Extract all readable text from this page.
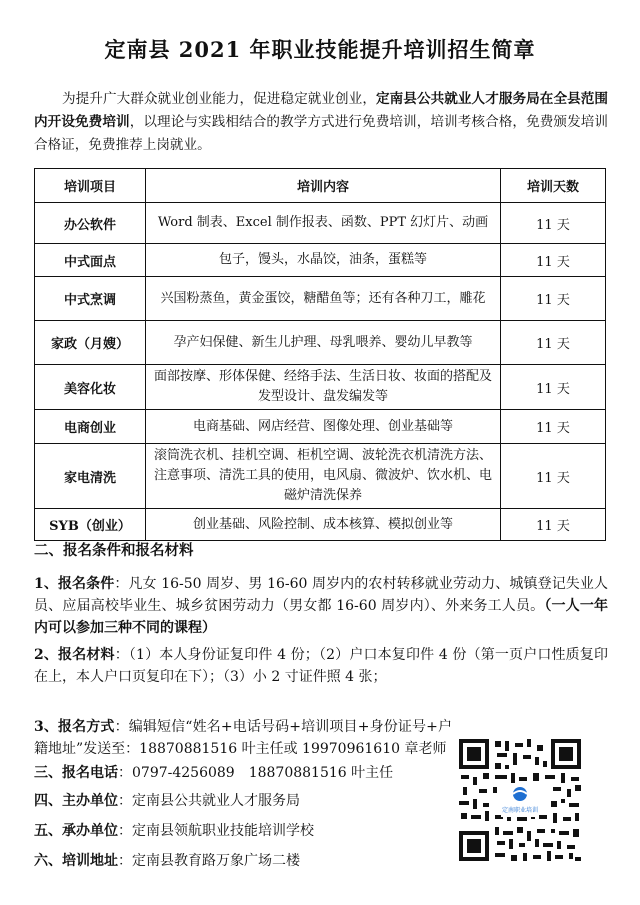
定南县 2021 年职业技能提升培训招生简章
为提升广大群众就业创业能力，促进稳定就业创业，定南县公共就业人才服务局在全县范围内开设免费培训，以理论与实践相结合的教学方式进行免费培训，培训考核合格，免费颁发培训合格证，免费推荐上岗就业。
培训项目	培训内容	培训天数
办公软件	Word 制表、Excel 制作报表、函数、PPT 幻灯片、动画	11 天
中式面点	包子，馒头，水晶饺，油条，蛋糕等	11 天
中式烹调	兴国粉蒸鱼，黄金蛋饺，糖醋鱼等；还有各种刀工，雕花	11 天
家政（月嫂）	孕产妇保健、新生儿护理、母乳喂养、婴幼儿早教等	11 天
美容化妆	面部按摩、形体保健、经络手法、生活日妆、妆面的搭配及发型设计、盘发编发等	11 天
电商创业	电商基础、网店经营、图像处理、创业基础等	11 天
家电清洗	滚筒洗衣机、挂机空调、柜机空调、波轮洗衣机清洗方法、注意事项、清洗工具的使用，电风扇、微波炉、饮水机、电磁炉清洗保养	11 天
SYB（创业）	创业基础、风险控制、成本核算、模拟创业等	11 天
二、报名条件和报名材料
1、报名条件：凡女 16-50 周岁、男 16-60 周岁内的农村转移就业劳动力、城镇登记失业人员、应届高校毕业生、城乡贫困劳动力（男女都 16-60 周岁内）、外来务工人员。（一人一年内可以参加三种不同的课程）
2、报名材料：（1）本人身份证复印件 4 份；（2）户口本复印件 4 份（第一页户口性质复印在上，本人户口页复印在下）；（3）小 2 寸证件照 4 张；
3、报名方式：编辑短信“姓名+电话号码+培训项目+身份证号+户籍地址”发送至：18870881516 叶主任或 19970961610 章老师
三、报名电话：0797-4256089　18870881516 叶主任
四、主办单位：定南县公共就业人才服务局
五、承办单位：定南县领航职业技能培训学校
六、培训地址：定南县教育路万象广场二楼
定南职业培训
